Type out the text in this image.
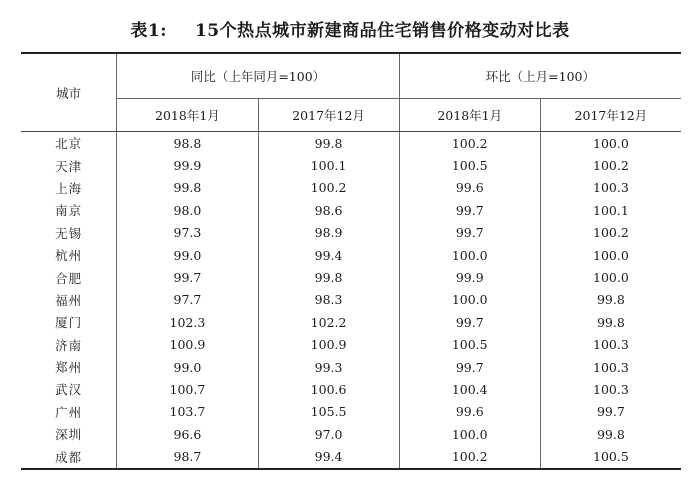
表1: 15个热点城市新建商品住宅销售价格变动对比表
城市	同比（上年同月=100）		环比（上月=100）	
	2018年1月	2017年12月	2018年1月	2017年12月
北京	98.8	99.8	100.2	100.0
天津	99.9	100.1	100.5	100.2
上海	99.8	100.2	99.6	100.3
南京	98.0	98.6	99.7	100.1
无锡	97.3	98.9	99.7	100.2
杭州	99.0	99.4	100.0	100.0
合肥	99.7	99.8	99.9	100.0
福州	97.7	98.3	100.0	99.8
厦门	102.3	102.2	99.7	99.8
济南	100.9	100.9	100.5	100.3
郑州	99.0	99.3	99.7	100.3
武汉	100.7	100.6	100.4	100.3
广州	103.7	105.5	99.6	99.7
深圳	96.6	97.0	100.0	99.8
成都	98.7	99.4	100.2	100.5
